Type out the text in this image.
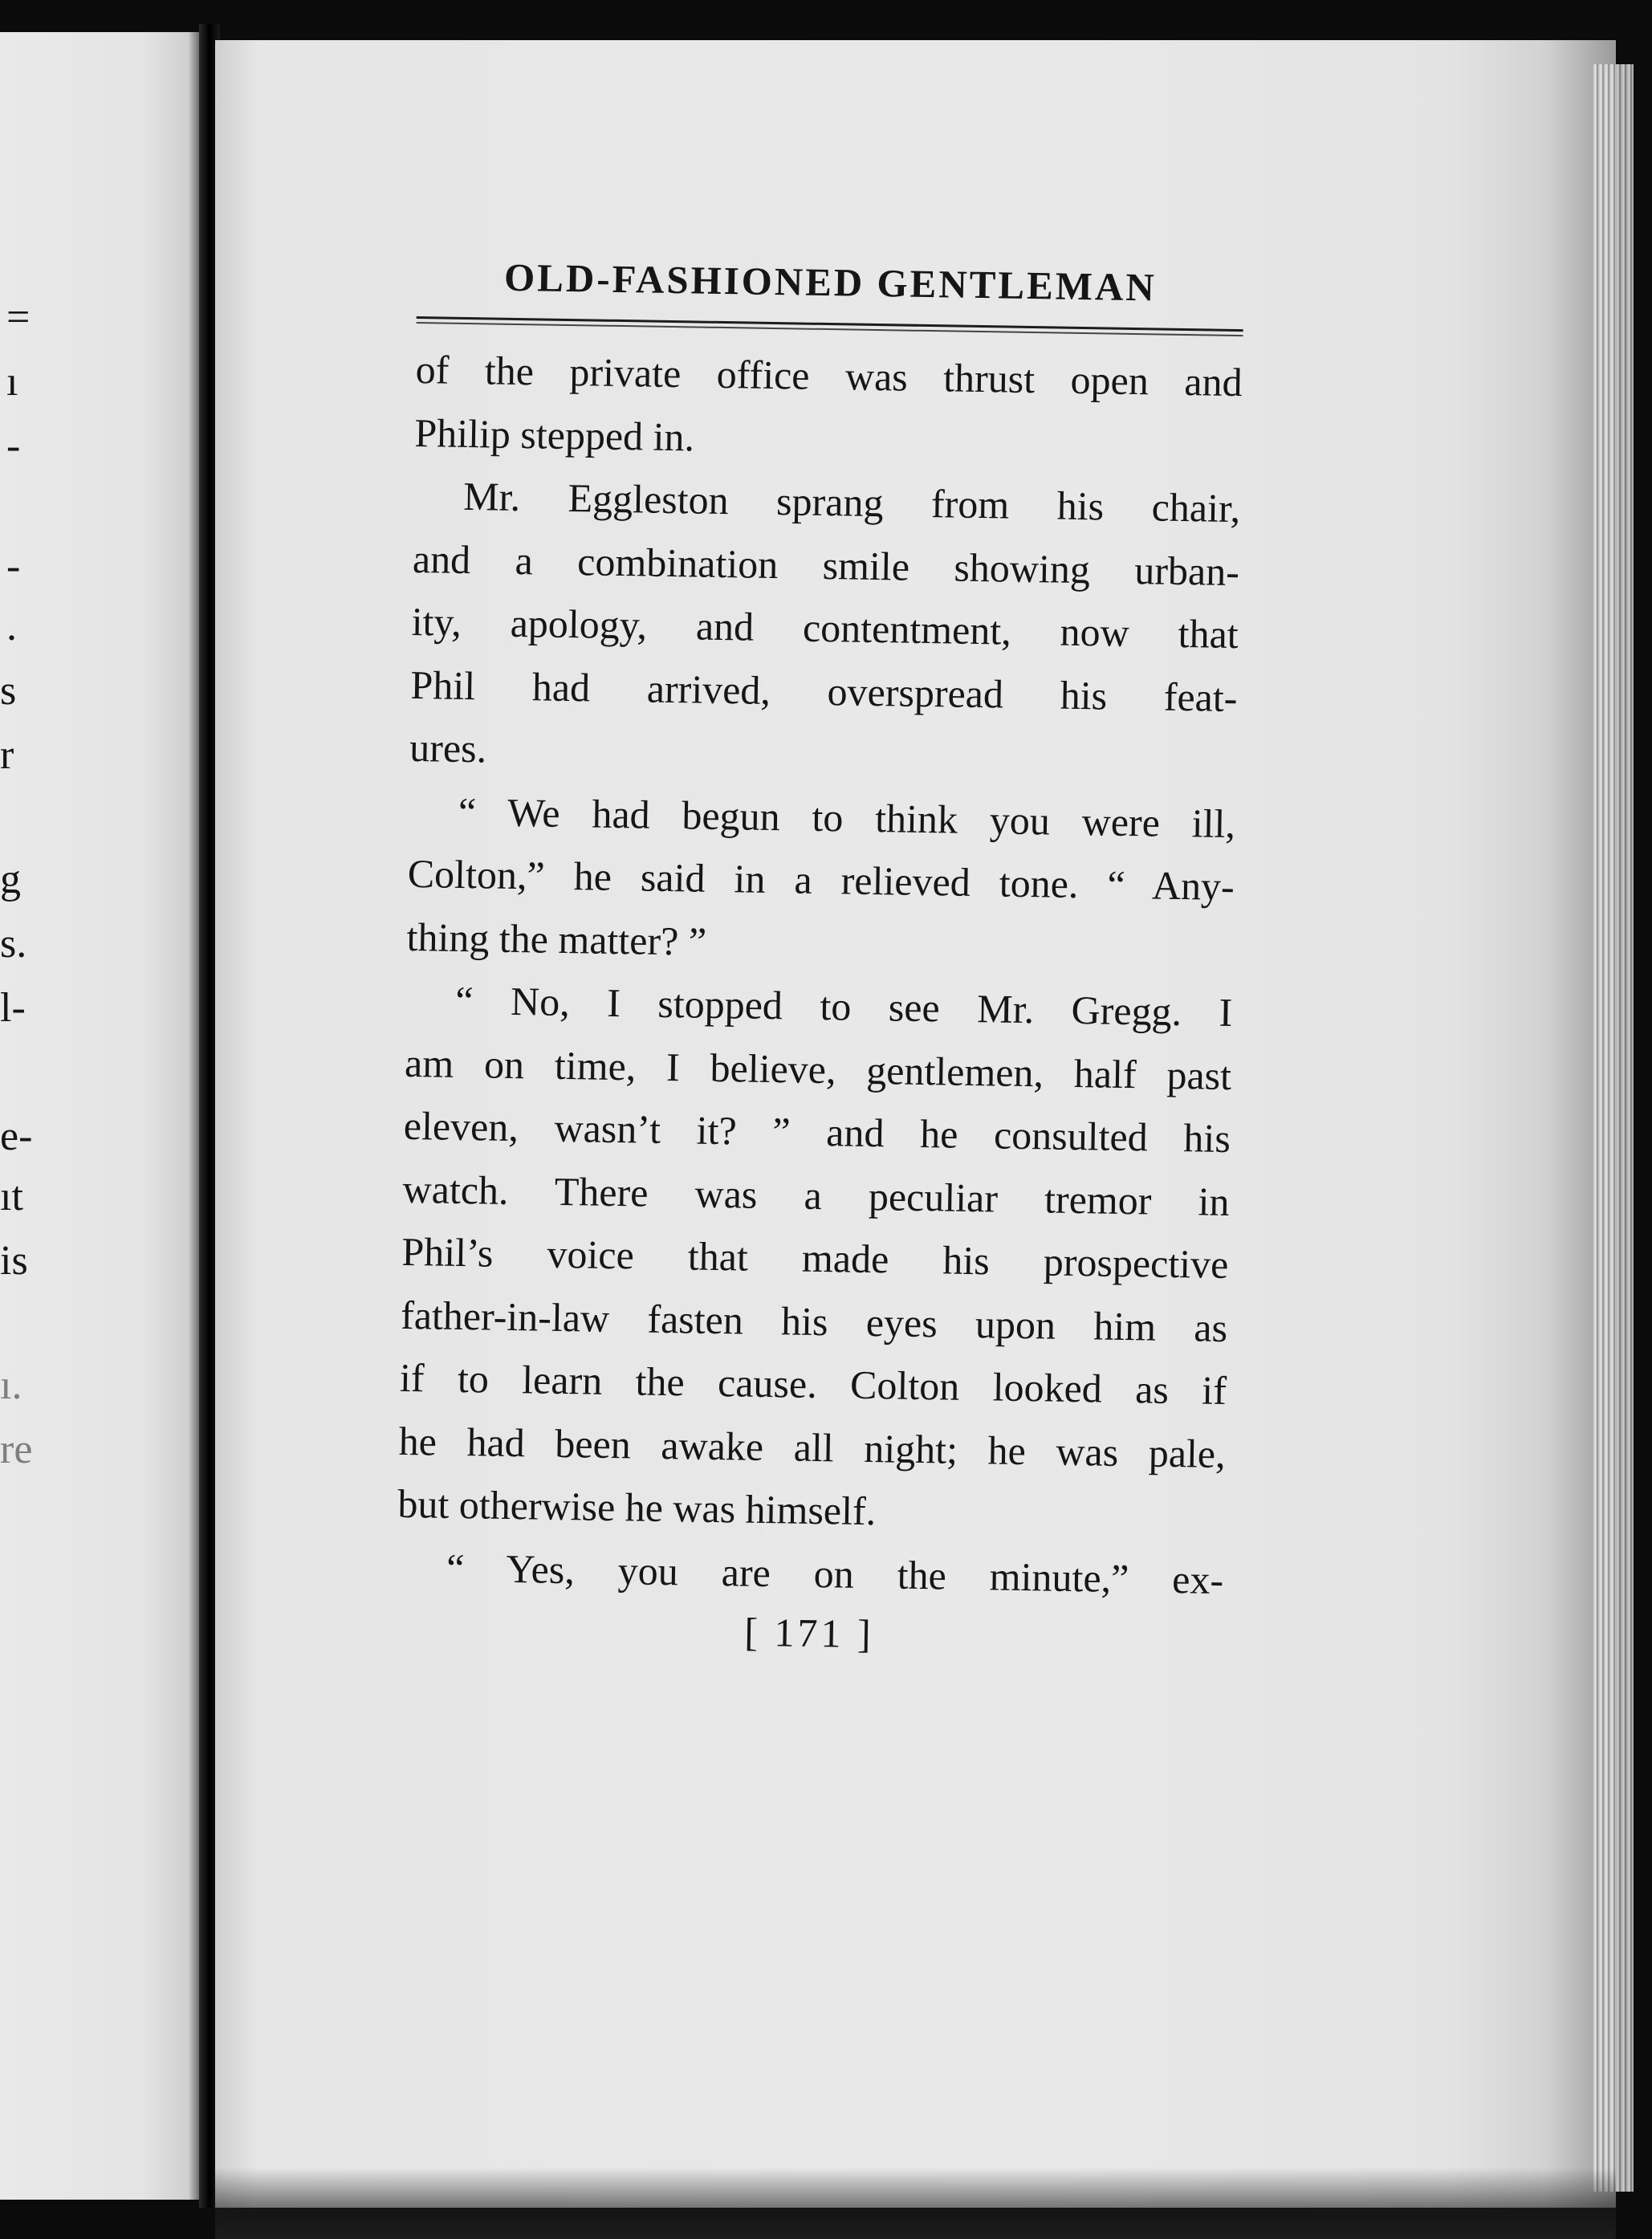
=
ı
-
-
.
s
r
g
s.
l-
e-
ıt
is
ı.
re
OLD-FASHIONED GENTLEMAN
of the private office was thrust open and
Philip stepped in.
Mr. Eggleston sprang from his chair,
and a combination smile showing urban-
ity, apology, and contentment, now that
Phil had arrived, overspread his feat-
ures.
“ We had begun to think you were ill,
Colton,” he said in a relieved tone. “ Any-
thing the matter? ”
“ No, I stopped to see Mr. Gregg. I
am on time, I believe, gentlemen, half past
eleven, wasn’t it? ” and he consulted his
watch. There was a peculiar tremor in
Phil’s voice that made his prospective
father-in-law fasten his eyes upon him as
if to learn the cause. Colton looked as if
he had been awake all night; he was pale,
but otherwise he was himself.
“ Yes, you are on the minute,” ex-
[ 171 ]
